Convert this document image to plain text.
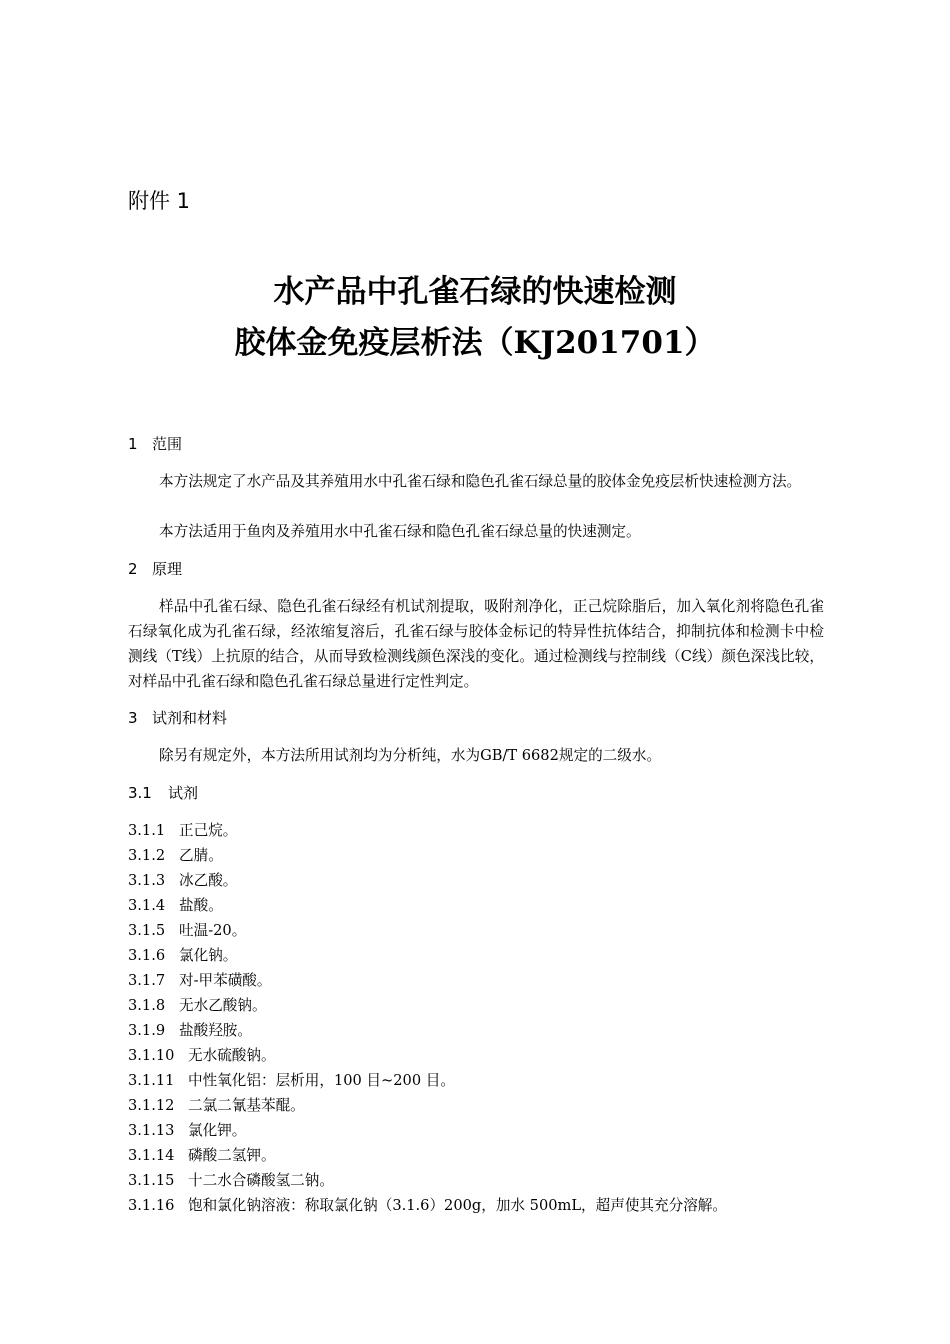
附件 1
水产品中孔雀石绿的快速检测
胶体金免疫层析法（KJ201701）
1 范围
本方法规定了水产品及其养殖用水中孔雀石绿和隐色孔雀石绿总量的胶体金免疫层析快速检测方法。
本方法适用于鱼肉及养殖用水中孔雀石绿和隐色孔雀石绿总量的快速测定。
2 原理
样品中孔雀石绿、隐色孔雀石绿经有机试剂提取，吸附剂净化，正己烷除脂后，加入氧化剂将隐色孔雀石绿氧化成为孔雀石绿，经浓缩复溶后，孔雀石绿与胶体金标记的特异性抗体结合，抑制抗体和检测卡中检测线（T线）上抗原的结合，从而导致检测线颜色深浅的变化。通过检测线与控制线（C线）颜色深浅比较，对样品中孔雀石绿和隐色孔雀石绿总量进行定性判定。
3 试剂和材料
除另有规定外，本方法所用试剂均为分析纯，水为GB/T 6682规定的二级水。
3.1 试剂
3.1.1 正己烷。
3.1.2 乙腈。
3.1.3 冰乙酸。
3.1.4 盐酸。
3.1.5 吐温-20。
3.1.6 氯化钠。
3.1.7 对-甲苯磺酸。
3.1.8 无水乙酸钠。
3.1.9 盐酸羟胺。
3.1.10 无水硫酸钠。
3.1.11 中性氧化铝：层析用，100 目~200 目。
3.1.12 二氯二氰基苯醌。
3.1.13 氯化钾。
3.1.14 磷酸二氢钾。
3.1.15 十二水合磷酸氢二钠。
3.1.16 饱和氯化钠溶液：称取氯化钠（3.1.6）200g，加水 500mL，超声使其充分溶解。
